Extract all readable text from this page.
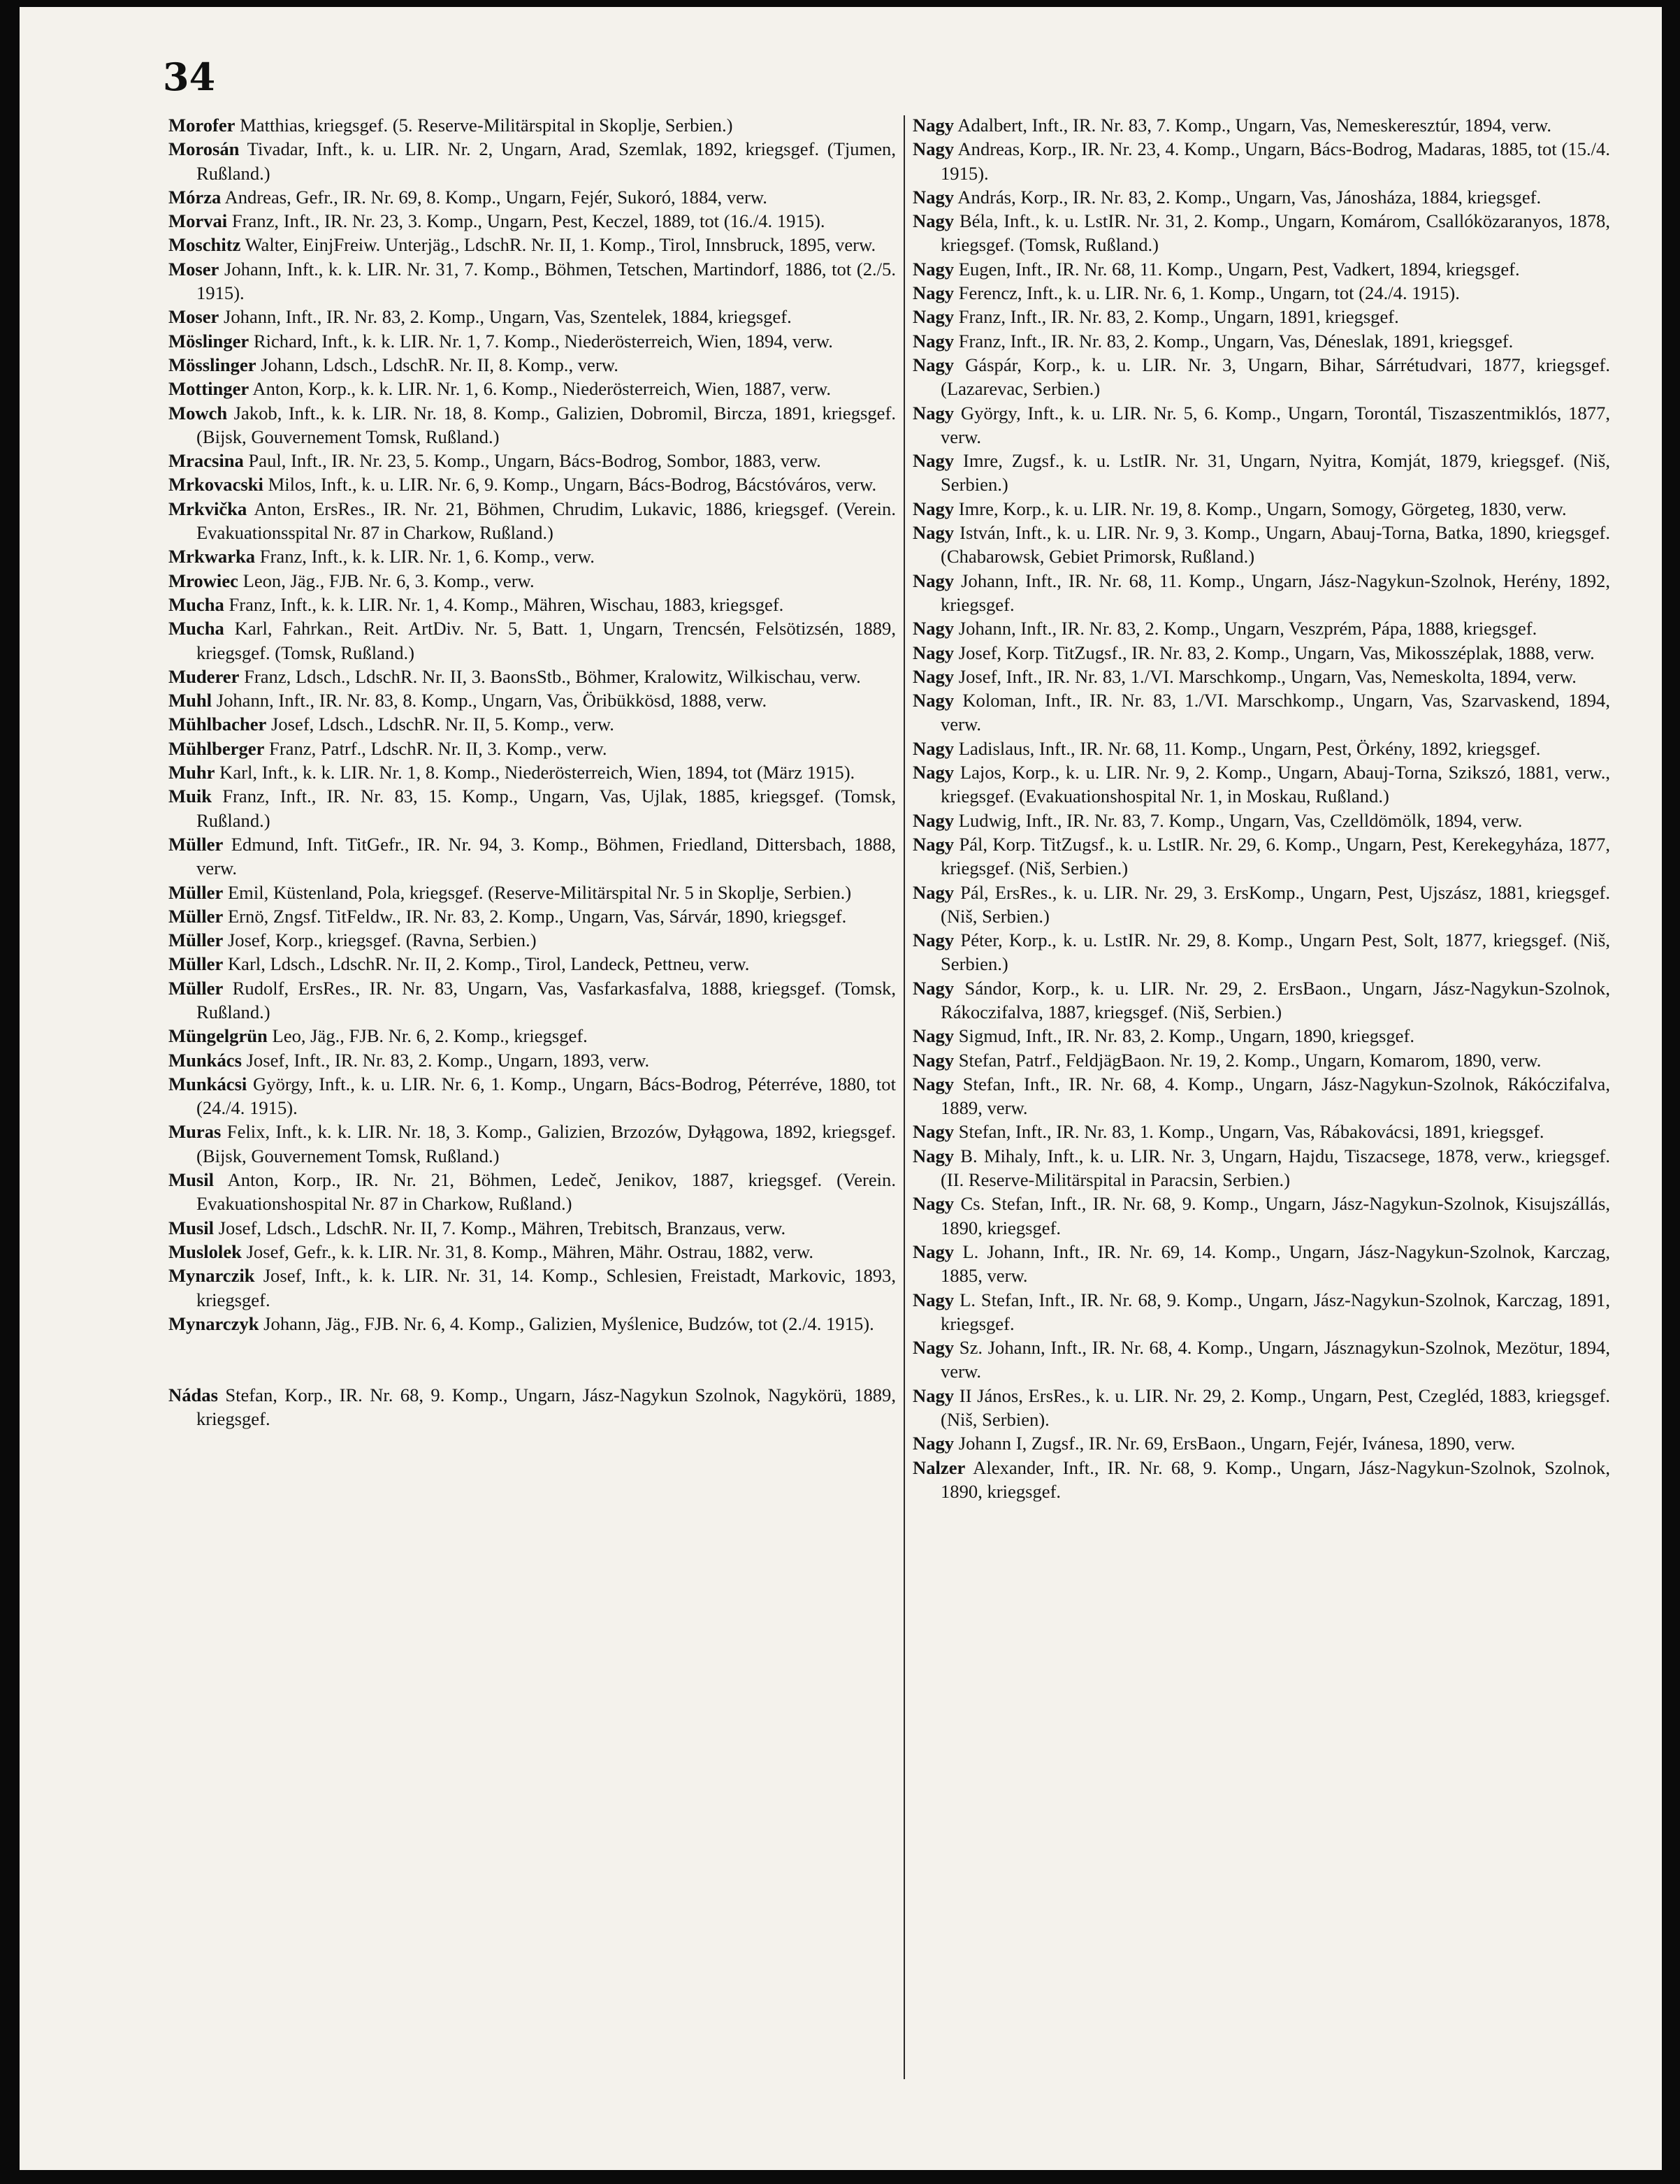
34

Morofer Matthias, kriegsgef. (5. Reserve-Militärspital in Skoplje, Serbien.)

Morosán Tivadar, Inft., k. u. LIR. Nr. 2, Ungarn, Arad, Szemlak, 1892, kriegsgef. (Tjumen, Rußland.)

Mórza Andreas, Gefr., IR. Nr. 69, 8. Komp., Ungarn, Fejér, Sukoró, 1884, verw.

Morvai Franz, Inft., IR. Nr. 23, 3. Komp., Ungarn, Pest, Keczel, 1889, tot (16./4. 1915).

Moschitz Walter, EinjFreiw. Unterjäg., LdschR. Nr. II, 1. Komp., Tirol, Innsbruck, 1895, verw.

Moser Johann, Inft., k. k. LIR. Nr. 31, 7. Komp., Böhmen, Tetschen, Martindorf, 1886, tot (2./5. 1915).

Moser Johann, Inft., IR. Nr. 83, 2. Komp., Ungarn, Vas, Szentelek, 1884, kriegsgef.

Möslinger Richard, Inft., k. k. LIR. Nr. 1, 7. Komp., Niederösterreich, Wien, 1894, verw.

Mösslinger Johann, Ldsch., LdschR. Nr. II, 8. Komp., verw.

Mottinger Anton, Korp., k. k. LIR. Nr. 1, 6. Komp., Niederösterreich, Wien, 1887, verw.

Mowch Jakob, Inft., k. k. LIR. Nr. 18, 8. Komp., Galizien, Dobromil, Bircza, 1891, kriegsgef. (Bijsk, Gouvernement Tomsk, Rußland.)

Mracsina Paul, Inft., IR. Nr. 23, 5. Komp., Ungarn, Bács-Bodrog, Sombor, 1883, verw.

Mrkovacski Milos, Inft., k. u. LIR. Nr. 6, 9. Komp., Ungarn, Bács-Bodrog, Bácstóváros, verw.

Mrkvička Anton, ErsRes., IR. Nr. 21, Böhmen, Chrudim, Lukavic, 1886, kriegsgef. (Verein. Evakuationsspital Nr. 87 in Charkow, Rußland.)

Mrkwarka Franz, Inft., k. k. LIR. Nr. 1, 6. Komp., verw.

Mrowiec Leon, Jäg., FJB. Nr. 6, 3. Komp., verw.

Mucha Franz, Inft., k. k. LIR. Nr. 1, 4. Komp., Mähren, Wischau, 1883, kriegsgef.

Mucha Karl, Fahrkan., Reit. ArtDiv. Nr. 5, Batt. 1, Ungarn, Trencsén, Felsötizsén, 1889, kriegsgef. (Tomsk, Rußland.)

Muderer Franz, Ldsch., LdschR. Nr. II, 3. BaonsStb., Böhmer, Kralowitz, Wilkischau, verw.

Muhl Johann, Inft., IR. Nr. 83, 8. Komp., Ungarn, Vas, Öribükkösd, 1888, verw.

Mühlbacher Josef, Ldsch., LdschR. Nr. II, 5. Komp., verw.

Mühlberger Franz, Patrf., LdschR. Nr. II, 3. Komp., verw.

Muhr Karl, Inft., k. k. LIR. Nr. 1, 8. Komp., Niederösterreich, Wien, 1894, tot (März 1915).

Muik Franz, Inft., IR. Nr. 83, 15. Komp., Ungarn, Vas, Ujlak, 1885, kriegsgef. (Tomsk, Rußland.)

Müller Edmund, Inft. TitGefr., IR. Nr. 94, 3. Komp., Böhmen, Friedland, Dittersbach, 1888, verw.

Müller Emil, Küstenland, Pola, kriegsgef. (Reserve-Militärspital Nr. 5 in Skoplje, Serbien.)

Müller Ernö, Zngsf. TitFeldw., IR. Nr. 83, 2. Komp., Ungarn, Vas, Sárvár, 1890, kriegsgef.

Müller Josef, Korp., kriegsgef. (Ravna, Serbien.)

Müller Karl, Ldsch., LdschR. Nr. II, 2. Komp., Tirol, Landeck, Pettneu, verw.

Müller Rudolf, ErsRes., IR. Nr. 83, Ungarn, Vas, Vasfarkasfalva, 1888, kriegsgef. (Tomsk, Rußland.)

Müngelgrün Leo, Jäg., FJB. Nr. 6, 2. Komp., kriegsgef.

Munkács Josef, Inft., IR. Nr. 83, 2. Komp., Ungarn, 1893, verw.

Munkácsi György, Inft., k. u. LIR. Nr. 6, 1. Komp., Ungarn, Bács-Bodrog, Péterréve, 1880, tot (24./4. 1915).

Muras Felix, Inft., k. k. LIR. Nr. 18, 3. Komp., Galizien, Brzozów, Dyłągowa, 1892, kriegsgef. (Bijsk, Gouvernement Tomsk, Rußland.)

Musil Anton, Korp., IR. Nr. 21, Böhmen, Ledeč, Jenikov, 1887, kriegsgef. (Verein. Evakuationshospital Nr. 87 in Charkow, Rußland.)

Musil Josef, Ldsch., LdschR. Nr. II, 7. Komp., Mähren, Trebitsch, Branzaus, verw.

Muslolek Josef, Gefr., k. k. LIR. Nr. 31, 8. Komp., Mähren, Mähr. Ostrau, 1882, verw.

Mynarczik Josef, Inft., k. k. LIR. Nr. 31, 14. Komp., Schlesien, Freistadt, Markovic, 1893, kriegsgef.

Mynarczyk Johann, Jäg., FJB. Nr. 6, 4. Komp., Galizien, Myślenice, Budzów, tot (2./4. 1915).

Nádas Stefan, Korp., IR. Nr. 68, 9. Komp., Ungarn, Jász-Nagykun Szolnok, Nagykörü, 1889, kriegsgef.

Nagy Adalbert, Inft., IR. Nr. 83, 7. Komp., Ungarn, Vas, Nemeskeresztúr, 1894, verw.

Nagy Andreas, Korp., IR. Nr. 23, 4. Komp., Ungarn, Bács-Bodrog, Madaras, 1885, tot (15./4. 1915).

Nagy András, Korp., IR. Nr. 83, 2. Komp., Ungarn, Vas, Jánosháza, 1884, kriegsgef.

Nagy Béla, Inft., k. u. LstIR. Nr. 31, 2. Komp., Ungarn, Komárom, Csallóközaranyos, 1878, kriegsgef. (Tomsk, Rußland.)

Nagy Eugen, Inft., IR. Nr. 68, 11. Komp., Ungarn, Pest, Vadkert, 1894, kriegsgef.

Nagy Ferencz, Inft., k. u. LIR. Nr. 6, 1. Komp., Ungarn, tot (24./4. 1915).

Nagy Franz, Inft., IR. Nr. 83, 2. Komp., Ungarn, 1891, kriegsgef.

Nagy Franz, Inft., IR. Nr. 83, 2. Komp., Ungarn, Vas, Déneslak, 1891, kriegsgef.

Nagy Gáspár, Korp., k. u. LIR. Nr. 3, Ungarn, Bihar, Sárrétudvari, 1877, kriegsgef. (Lazarevac, Serbien.)

Nagy György, Inft., k. u. LIR. Nr. 5, 6. Komp., Ungarn, Torontál, Tiszaszentmiklós, 1877, verw.

Nagy Imre, Zugsf., k. u. LstIR. Nr. 31, Ungarn, Nyitra, Komját, 1879, kriegsgef. (Niš, Serbien.)

Nagy Imre, Korp., k. u. LIR. Nr. 19, 8. Komp., Ungarn, Somogy, Görgeteg, 1830, verw.

Nagy István, Inft., k. u. LIR. Nr. 9, 3. Komp., Ungarn, Abauj-Torna, Batka, 1890, kriegsgef. (Chabarowsk, Gebiet Primorsk, Rußland.)

Nagy Johann, Inft., IR. Nr. 68, 11. Komp., Ungarn, Jász-Nagykun-Szolnok, Herény, 1892, kriegsgef.

Nagy Johann, Inft., IR. Nr. 83, 2. Komp., Ungarn, Veszprém, Pápa, 1888, kriegsgef.

Nagy Josef, Korp. TitZugsf., IR. Nr. 83, 2. Komp., Ungarn, Vas, Mikosszéplak, 1888, verw.

Nagy Josef, Inft., IR. Nr. 83, 1./VI. Marschkomp., Ungarn, Vas, Nemeskolta, 1894, verw.

Nagy Koloman, Inft., IR. Nr. 83, 1./VI. Marschkomp., Ungarn, Vas, Szarvaskend, 1894, verw.

Nagy Ladislaus, Inft., IR. Nr. 68, 11. Komp., Ungarn, Pest, Örkény, 1892, kriegsgef.

Nagy Lajos, Korp., k. u. LIR. Nr. 9, 2. Komp., Ungarn, Abauj-Torna, Szikszó, 1881, verw., kriegsgef. (Evakuationshospital Nr. 1, in Moskau, Rußland.)

Nagy Ludwig, Inft., IR. Nr. 83, 7. Komp., Ungarn, Vas, Czelldömölk, 1894, verw.

Nagy Pál, Korp. TitZugsf., k. u. LstIR. Nr. 29, 6. Komp., Ungarn, Pest, Kerekegyháza, 1877, kriegsgef. (Niš, Serbien.)

Nagy Pál, ErsRes., k. u. LIR. Nr. 29, 3. ErsKomp., Ungarn, Pest, Ujszász, 1881, kriegsgef. (Niš, Serbien.)

Nagy Péter, Korp., k. u. LstIR. Nr. 29, 8. Komp., Ungarn Pest, Solt, 1877, kriegsgef. (Niš, Serbien.)

Nagy Sándor, Korp., k. u. LIR. Nr. 29, 2. ErsBaon., Ungarn, Jász-Nagykun-Szolnok, Rákoczifalva, 1887, kriegsgef. (Niš, Serbien.)

Nagy Sigmud, Inft., IR. Nr. 83, 2. Komp., Ungarn, 1890, kriegsgef.

Nagy Stefan, Patrf., FeldjägBaon. Nr. 19, 2. Komp., Ungarn, Komarom, 1890, verw.

Nagy Stefan, Inft., IR. Nr. 68, 4. Komp., Ungarn, Jász-Nagykun-Szolnok, Rákóczifalva, 1889, verw.

Nagy Stefan, Inft., IR. Nr. 83, 1. Komp., Ungarn, Vas, Rábakovácsi, 1891, kriegsgef.

Nagy B. Mihaly, Inft., k. u. LIR. Nr. 3, Ungarn, Hajdu, Tiszacsege, 1878, verw., kriegsgef. (II. Reserve-Militärspital in Paracsin, Serbien.)

Nagy Cs. Stefan, Inft., IR. Nr. 68, 9. Komp., Ungarn, Jász-Nagykun-Szolnok, Kisujszállás, 1890, kriegsgef.

Nagy L. Johann, Inft., IR. Nr. 69, 14. Komp., Ungarn, Jász-Nagykun-Szolnok, Karczag, 1885, verw.

Nagy L. Stefan, Inft., IR. Nr. 68, 9. Komp., Ungarn, Jász-Nagykun-Szolnok, Karczag, 1891, kriegsgef.

Nagy Sz. Johann, Inft., IR. Nr. 68, 4. Komp., Ungarn, Jásznagykun-Szolnok, Mezötur, 1894, verw.

Nagy II János, ErsRes., k. u. LIR. Nr. 29, 2. Komp., Ungarn, Pest, Czegléd, 1883, kriegsgef. (Niš, Serbien).

Nagy Johann I, Zugsf., IR. Nr. 69, ErsBaon., Ungarn, Fejér, Ivánesa, 1890, verw.

Nalzer Alexander, Inft., IR. Nr. 68, 9. Komp., Ungarn, Jász-Nagykun-Szolnok, Szolnok, 1890, kriegsgef.
